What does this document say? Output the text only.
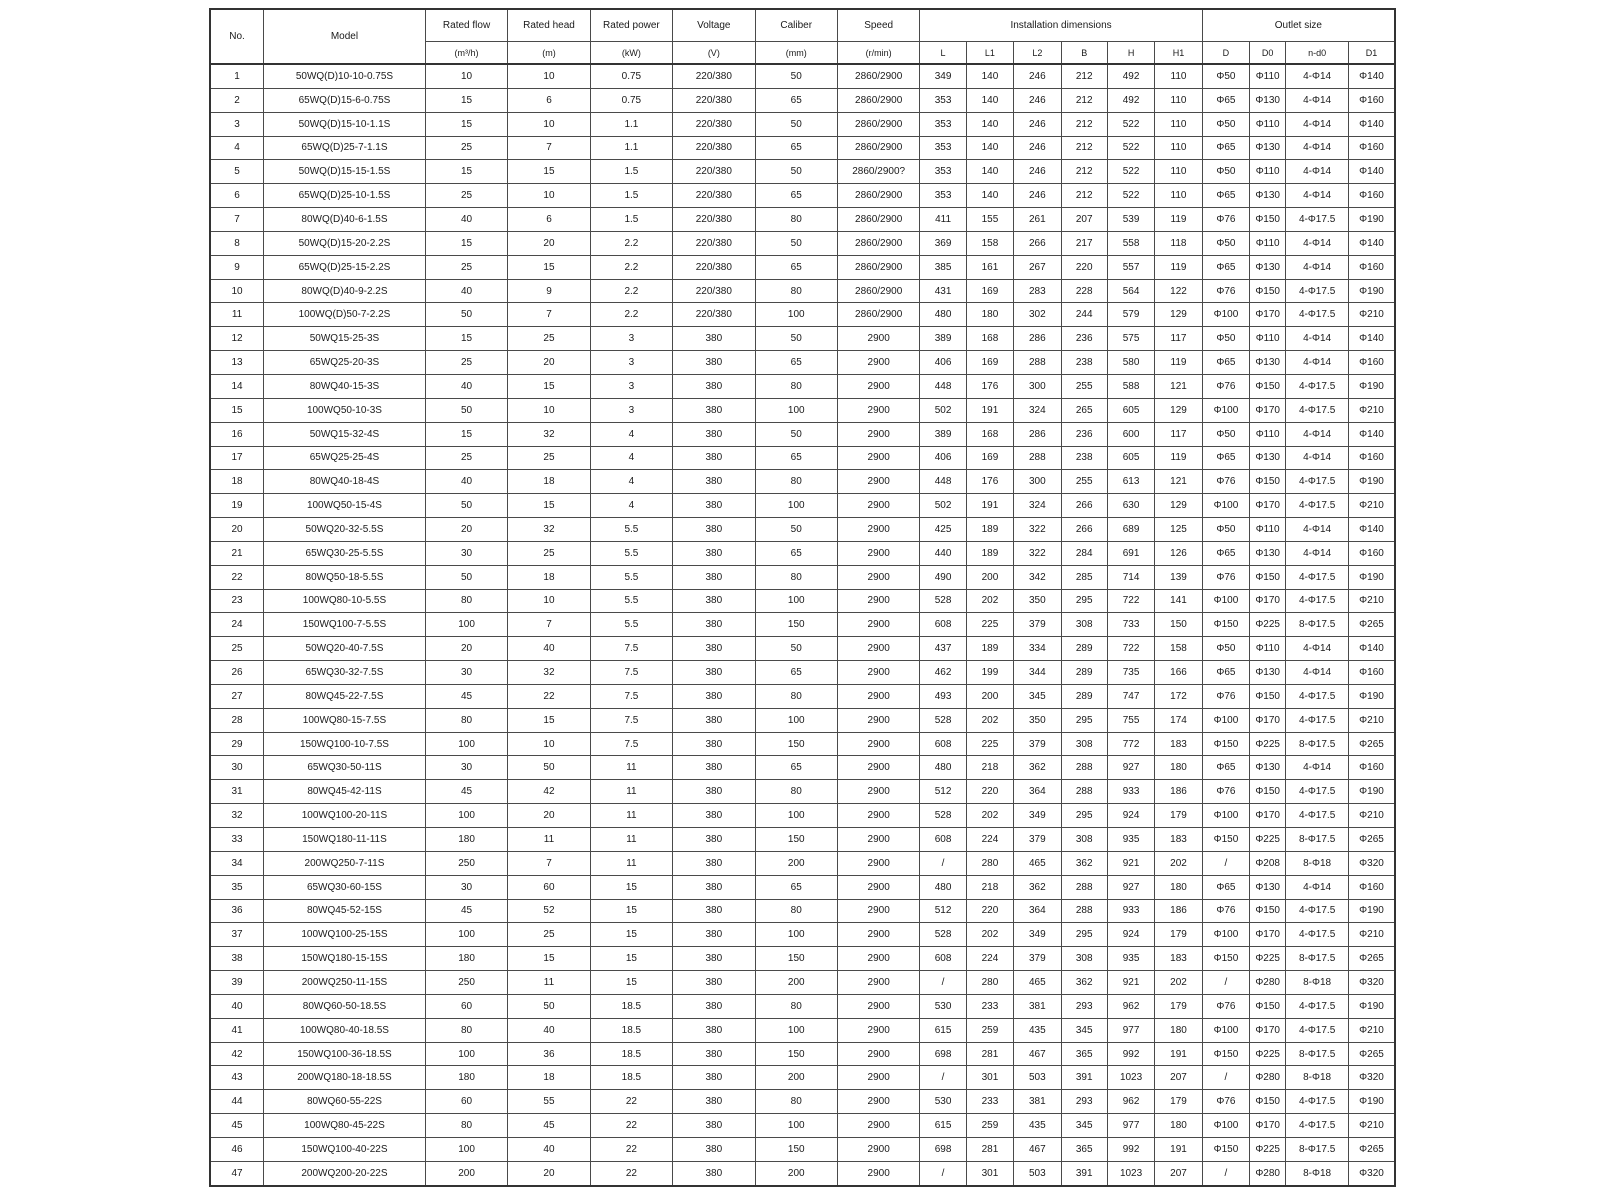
No.	Model	Rated flow	Rated head	Rated power	Voltage	Caliber	Speed	Installation dimensions						Outlet size			
		(m³/h)	(m)	(kW)	(V)	(mm)	(r/min)	L	L1	L2	B	H	H1	D	D0	n-d0	D1
1	50WQ(D)10-10-0.75S	10	10	0.75	220/380	50	2860/2900	349	140	246	212	492	110	Φ50	Φ110	4-Φ14	Φ140
2	65WQ(D)15-6-0.75S	15	6	0.75	220/380	65	2860/2900	353	140	246	212	492	110	Φ65	Φ130	4-Φ14	Φ160
3	50WQ(D)15-10-1.1S	15	10	1.1	220/380	50	2860/2900	353	140	246	212	522	110	Φ50	Φ110	4-Φ14	Φ140
4	65WQ(D)25-7-1.1S	25	7	1.1	220/380	65	2860/2900	353	140	246	212	522	110	Φ65	Φ130	4-Φ14	Φ160
5	50WQ(D)15-15-1.5S	15	15	1.5	220/380	50	2860/2900?	353	140	246	212	522	110	Φ50	Φ110	4-Φ14	Φ140
6	65WQ(D)25-10-1.5S	25	10	1.5	220/380	65	2860/2900	353	140	246	212	522	110	Φ65	Φ130	4-Φ14	Φ160
7	80WQ(D)40-6-1.5S	40	6	1.5	220/380	80	2860/2900	411	155	261	207	539	119	Φ76	Φ150	4-Φ17.5	Φ190
8	50WQ(D)15-20-2.2S	15	20	2.2	220/380	50	2860/2900	369	158	266	217	558	118	Φ50	Φ110	4-Φ14	Φ140
9	65WQ(D)25-15-2.2S	25	15	2.2	220/380	65	2860/2900	385	161	267	220	557	119	Φ65	Φ130	4-Φ14	Φ160
10	80WQ(D)40-9-2.2S	40	9	2.2	220/380	80	2860/2900	431	169	283	228	564	122	Φ76	Φ150	4-Φ17.5	Φ190
11	100WQ(D)50-7-2.2S	50	7	2.2	220/380	100	2860/2900	480	180	302	244	579	129	Φ100	Φ170	4-Φ17.5	Φ210
12	50WQ15-25-3S	15	25	3	380	50	2900	389	168	286	236	575	117	Φ50	Φ110	4-Φ14	Φ140
13	65WQ25-20-3S	25	20	3	380	65	2900	406	169	288	238	580	119	Φ65	Φ130	4-Φ14	Φ160
14	80WQ40-15-3S	40	15	3	380	80	2900	448	176	300	255	588	121	Φ76	Φ150	4-Φ17.5	Φ190
15	100WQ50-10-3S	50	10	3	380	100	2900	502	191	324	265	605	129	Φ100	Φ170	4-Φ17.5	Φ210
16	50WQ15-32-4S	15	32	4	380	50	2900	389	168	286	236	600	117	Φ50	Φ110	4-Φ14	Φ140
17	65WQ25-25-4S	25	25	4	380	65	2900	406	169	288	238	605	119	Φ65	Φ130	4-Φ14	Φ160
18	80WQ40-18-4S	40	18	4	380	80	2900	448	176	300	255	613	121	Φ76	Φ150	4-Φ17.5	Φ190
19	100WQ50-15-4S	50	15	4	380	100	2900	502	191	324	266	630	129	Φ100	Φ170	4-Φ17.5	Φ210
20	50WQ20-32-5.5S	20	32	5.5	380	50	2900	425	189	322	266	689	125	Φ50	Φ110	4-Φ14	Φ140
21	65WQ30-25-5.5S	30	25	5.5	380	65	2900	440	189	322	284	691	126	Φ65	Φ130	4-Φ14	Φ160
22	80WQ50-18-5.5S	50	18	5.5	380	80	2900	490	200	342	285	714	139	Φ76	Φ150	4-Φ17.5	Φ190
23	100WQ80-10-5.5S	80	10	5.5	380	100	2900	528	202	350	295	722	141	Φ100	Φ170	4-Φ17.5	Φ210
24	150WQ100-7-5.5S	100	7	5.5	380	150	2900	608	225	379	308	733	150	Φ150	Φ225	8-Φ17.5	Φ265
25	50WQ20-40-7.5S	20	40	7.5	380	50	2900	437	189	334	289	722	158	Φ50	Φ110	4-Φ14	Φ140
26	65WQ30-32-7.5S	30	32	7.5	380	65	2900	462	199	344	289	735	166	Φ65	Φ130	4-Φ14	Φ160
27	80WQ45-22-7.5S	45	22	7.5	380	80	2900	493	200	345	289	747	172	Φ76	Φ150	4-Φ17.5	Φ190
28	100WQ80-15-7.5S	80	15	7.5	380	100	2900	528	202	350	295	755	174	Φ100	Φ170	4-Φ17.5	Φ210
29	150WQ100-10-7.5S	100	10	7.5	380	150	2900	608	225	379	308	772	183	Φ150	Φ225	8-Φ17.5	Φ265
30	65WQ30-50-11S	30	50	11	380	65	2900	480	218	362	288	927	180	Φ65	Φ130	4-Φ14	Φ160
31	80WQ45-42-11S	45	42	11	380	80	2900	512	220	364	288	933	186	Φ76	Φ150	4-Φ17.5	Φ190
32	100WQ100-20-11S	100	20	11	380	100	2900	528	202	349	295	924	179	Φ100	Φ170	4-Φ17.5	Φ210
33	150WQ180-11-11S	180	11	11	380	150	2900	608	224	379	308	935	183	Φ150	Φ225	8-Φ17.5	Φ265
34	200WQ250-7-11S	250	7	11	380	200	2900	/	280	465	362	921	202	/	Φ208	8-Φ18	Φ320
35	65WQ30-60-15S	30	60	15	380	65	2900	480	218	362	288	927	180	Φ65	Φ130	4-Φ14	Φ160
36	80WQ45-52-15S	45	52	15	380	80	2900	512	220	364	288	933	186	Φ76	Φ150	4-Φ17.5	Φ190
37	100WQ100-25-15S	100	25	15	380	100	2900	528	202	349	295	924	179	Φ100	Φ170	4-Φ17.5	Φ210
38	150WQ180-15-15S	180	15	15	380	150	2900	608	224	379	308	935	183	Φ150	Φ225	8-Φ17.5	Φ265
39	200WQ250-11-15S	250	11	15	380	200	2900	/	280	465	362	921	202	/	Φ280	8-Φ18	Φ320
40	80WQ60-50-18.5S	60	50	18.5	380	80	2900	530	233	381	293	962	179	Φ76	Φ150	4-Φ17.5	Φ190
41	100WQ80-40-18.5S	80	40	18.5	380	100	2900	615	259	435	345	977	180	Φ100	Φ170	4-Φ17.5	Φ210
42	150WQ100-36-18.5S	100	36	18.5	380	150	2900	698	281	467	365	992	191	Φ150	Φ225	8-Φ17.5	Φ265
43	200WQ180-18-18.5S	180	18	18.5	380	200	2900	/	301	503	391	1023	207	/	Φ280	8-Φ18	Φ320
44	80WQ60-55-22S	60	55	22	380	80	2900	530	233	381	293	962	179	Φ76	Φ150	4-Φ17.5	Φ190
45	100WQ80-45-22S	80	45	22	380	100	2900	615	259	435	345	977	180	Φ100	Φ170	4-Φ17.5	Φ210
46	150WQ100-40-22S	100	40	22	380	150	2900	698	281	467	365	992	191	Φ150	Φ225	8-Φ17.5	Φ265
47	200WQ200-20-22S	200	20	22	380	200	2900	/	301	503	391	1023	207	/	Φ280	8-Φ18	Φ320
